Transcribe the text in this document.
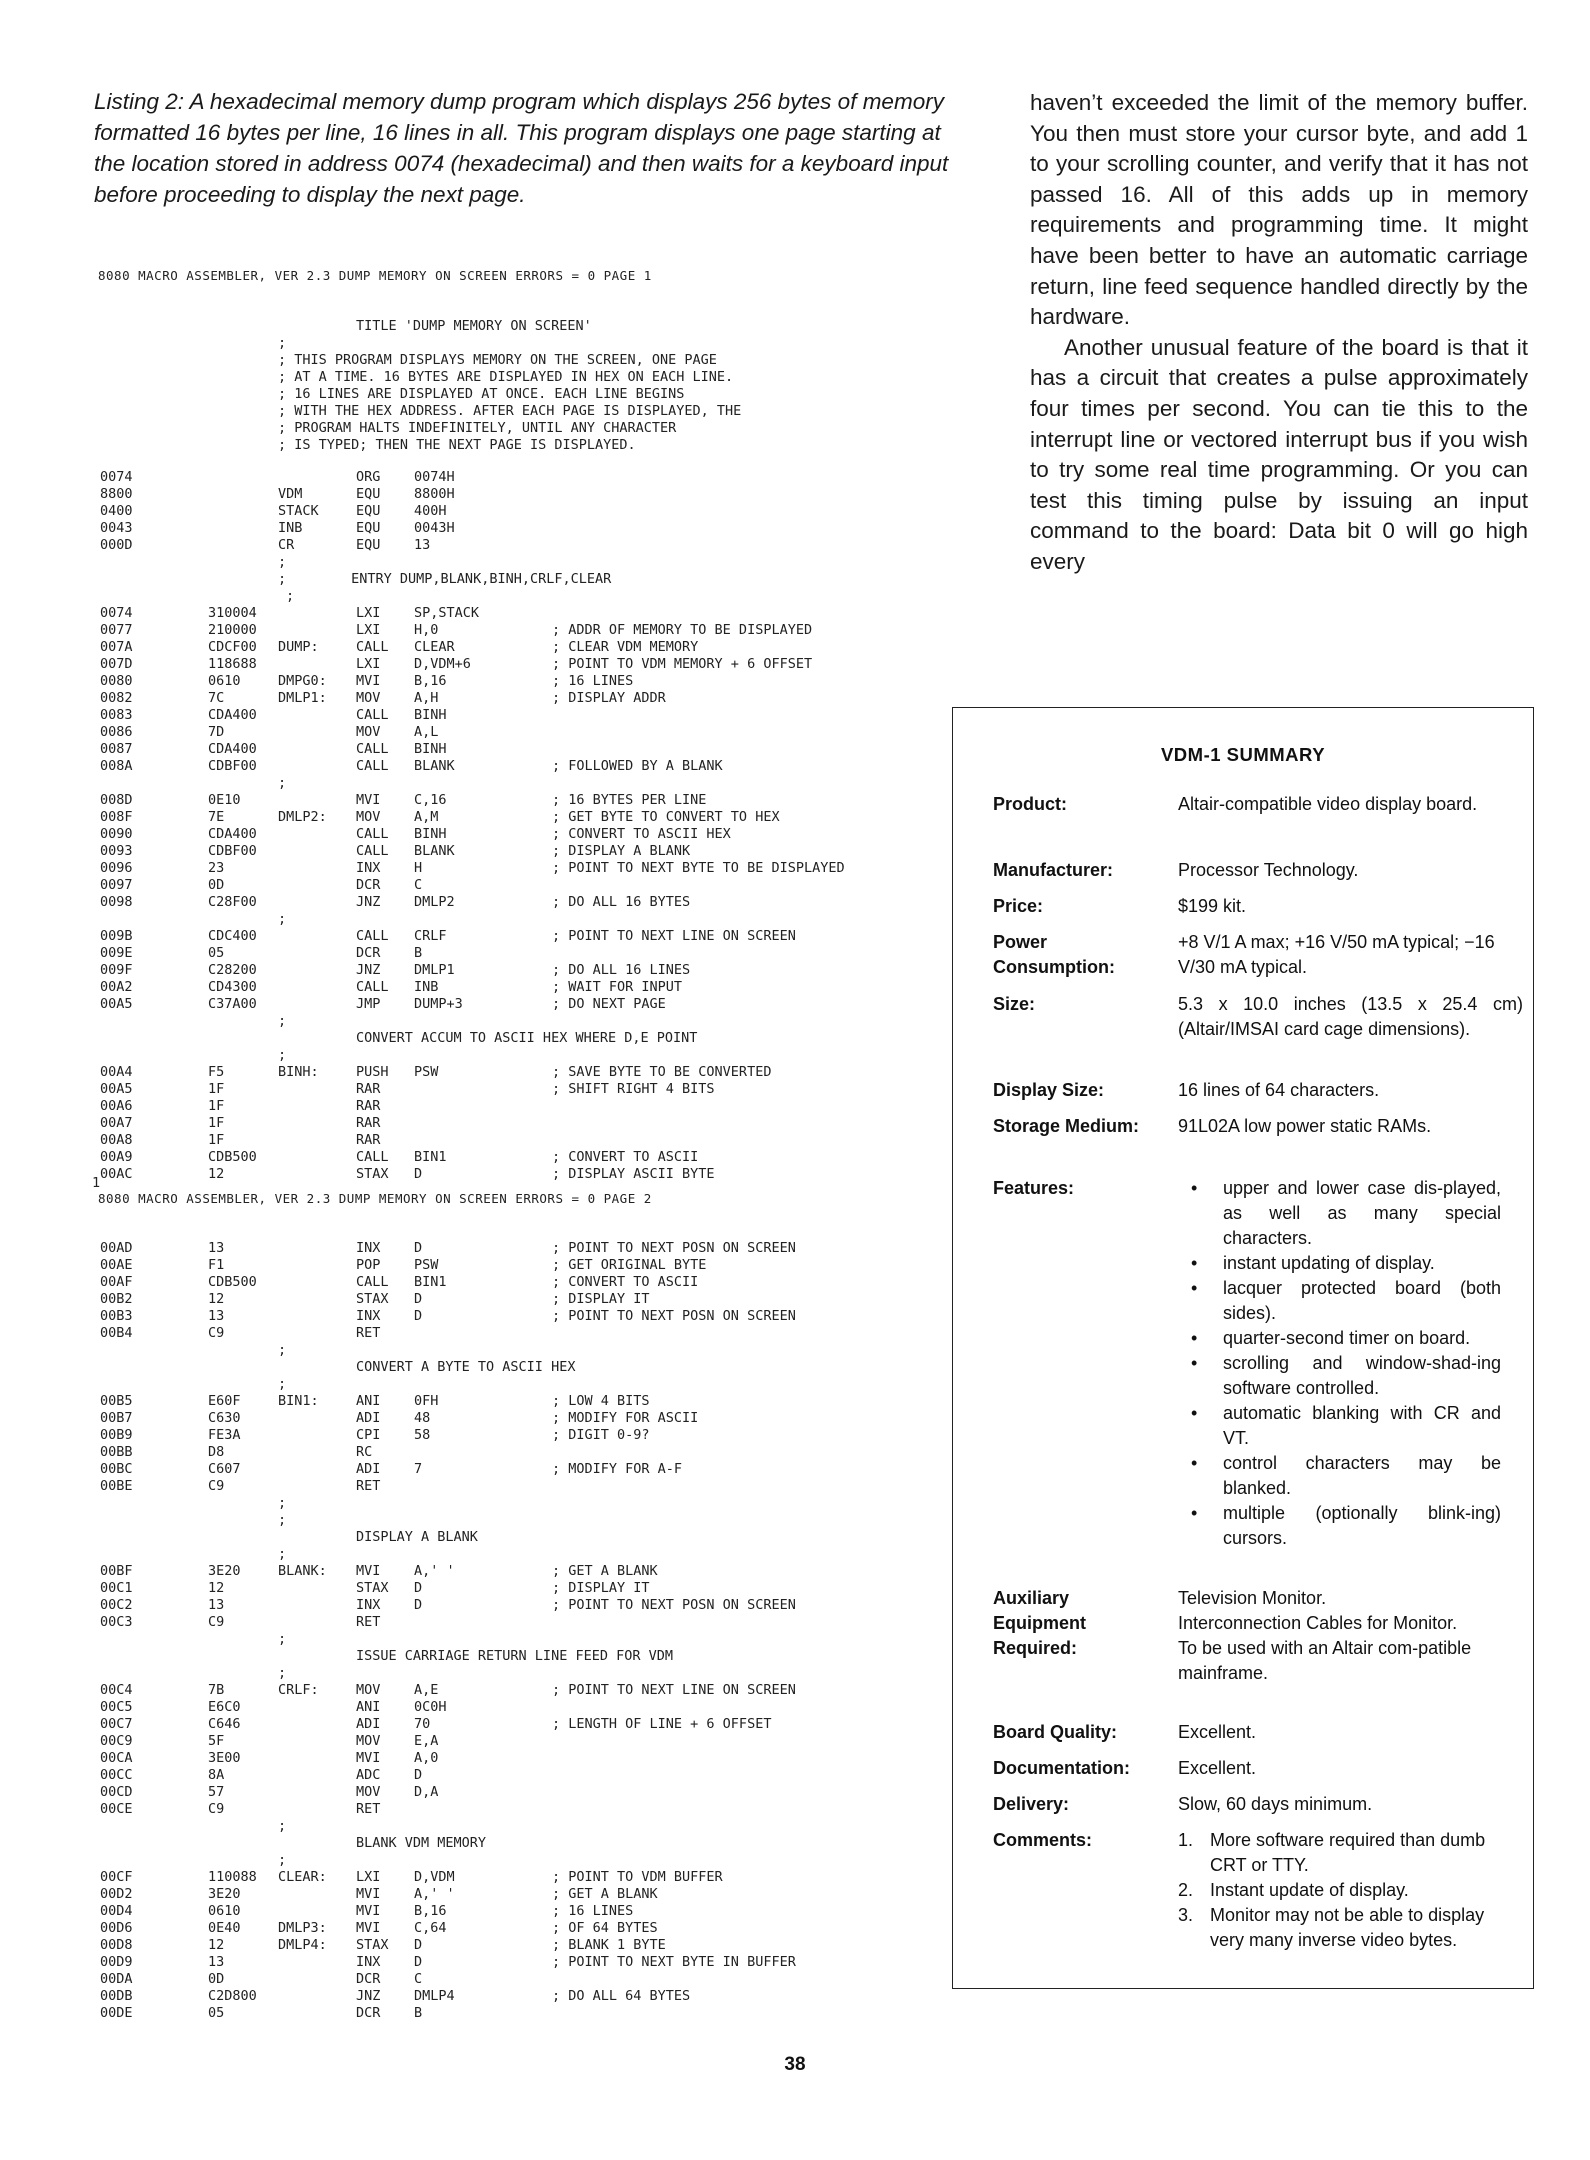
Listing 2: A hexadecimal memory dump program which displays 256 bytes of memory formatted 16 bytes per line, 16 lines in all. This program displays one page starting at the location stored in address 0074 (hexadecimal) and then waits for a keyboard input before proceeding to display the next page.

8080 MACRO ASSEMBLER, VER 2.3 DUMP MEMORY ON SCREEN ERRORS = 0 PAGE 1
TITLE 'DUMP MEMORY ON SCREEN'
;
; THIS PROGRAM DISPLAYS MEMORY ON THE SCREEN, ONE PAGE
; AT A TIME. 16 BYTES ARE DISPLAYED IN HEX ON EACH LINE.
; 16 LINES ARE DISPLAYED AT ONCE. EACH LINE BEGINS
; WITH THE HEX ADDRESS. AFTER EACH PAGE IS DISPLAYED, THE
; PROGRAM HALTS INDEFINITELY, UNTIL ANY CHARACTER
; IS TYPED; THEN THE NEXT PAGE IS DISPLAYED.
0074	ORG 0074H
8800	VDM	EQU 8800H
0400	STACK	EQU 400H
0043	INB	EQU 0043H
000D	CR	EQU 13
;
;        ENTRY DUMP,BLANK,BINH,CRLF,CLEAR
;
0074	310004	LXI SP,STACK
0077	210000	LXI H,0	; ADDR OF MEMORY TO BE DISPLAYED
007A	CDCF00 DUMP:	CALL CLEAR	; CLEAR VDM MEMORY
007D	118688	LXI D,VDM+6	; POINT TO VDM MEMORY + 6 OFFSET
0080	0610	DMPG0: MVI B,16	; 16 LINES
0082	7C	DMLP1: MOV A,H	; DISPLAY ADDR
0083	CDA400	CALL BINH
0086	7D	MOV A,L
0087	CDA400	CALL BINH
008A	CDBF00	CALL BLANK	; FOLLOWED BY A BLANK
;
008D	0E10	MVI C,16	; 16 BYTES PER LINE
008F	7E	DMLP2: MOV A,M	; GET BYTE TO CONVERT TO HEX
0090	CDA400	CALL BINH	; CONVERT TO ASCII HEX
0093	CDBF00	CALL BLANK	; DISPLAY A BLANK
0096	23	INX H	; POINT TO NEXT BYTE TO BE DISPLAYED
0097	0D	DCR C
0098	C28F00	JNZ DMLP2	; DO ALL 16 BYTES
;
009B	CDC400	CALL CRLF	; POINT TO NEXT LINE ON SCREEN
009E	05	DCR B
009F	C28200	JNZ DMLP1	; DO ALL 16 LINES
00A2	CD4300	CALL INB	; WAIT FOR INPUT
00A5	C37A00	JMP DUMP+3	; DO NEXT PAGE
;
CONVERT ACCUM TO ASCII HEX WHERE D,E POINT
;
00A4	F5	BINH:	PUSH PSW	; SAVE BYTE TO BE CONVERTED
00A5	1F	RAR	; SHIFT RIGHT 4 BITS
00A6	1F	RAR
00A7	1F	RAR
00A8	1F	RAR
00A9	CDB500	CALL BIN1	; CONVERT TO ASCII
00AC	12	STAX D	; DISPLAY ASCII BYTE
1
8080 MACRO ASSEMBLER, VER 2.3 DUMP MEMORY ON SCREEN ERRORS = 0 PAGE 2
00AD	13	INX D	; POINT TO NEXT POSN ON SCREEN
00AE	F1	POP PSW	; GET ORIGINAL BYTE
00AF	CDB500	CALL BIN1	; CONVERT TO ASCII
00B2	12	STAX D	; DISPLAY IT
00B3	13	INX D	; POINT TO NEXT POSN ON SCREEN
00B4	C9	RET
;
CONVERT A BYTE TO ASCII HEX
;
00B5	E60F	BIN1:	ANI 0FH	; LOW 4 BITS
00B7	C630	ADI 48	; MODIFY FOR ASCII
00B9	FE3A	CPI 58	; DIGIT 0-9?
00BB	D8	RC
00BC	C607	ADI 7	; MODIFY FOR A-F
00BE	C9	RET
;
;
DISPLAY A BLANK
;
00BF	3E20	BLANK: MVI A,' '	; GET A BLANK
00C1	12	STAX D	; DISPLAY IT
00C2	13	INX D	; POINT TO NEXT POSN ON SCREEN
00C3	C9	RET
;
ISSUE CARRIAGE RETURN LINE FEED FOR VDM
;
00C4	7B	CRLF:	MOV A,E	; POINT TO NEXT LINE ON SCREEN
00C5	E6C0	ANI 0C0H
00C7	C646	ADI 70	; LENGTH OF LINE + 6 OFFSET
00C9	5F	MOV E,A
00CA	3E00	MVI A,0
00CC	8A	ADC D
00CD	57	MOV D,A
00CE	C9	RET
;
BLANK VDM MEMORY
;
00CF	110088 CLEAR: LXI D,VDM	; POINT TO VDM BUFFER
00D2	3E20	MVI A,' '	; GET A BLANK
00D4	0610	MVI B,16	; 16 LINES
00D6	0E40	DMLP3: MVI C,64	; OF 64 BYTES
00D8	12	DMLP4: STAX D	; BLANK 1 BYTE
00D9	13	INX D	; POINT TO NEXT BYTE IN BUFFER
00DA	0D	DCR C
00DB	C2D800	JNZ DMLP4	; DO ALL 64 BYTES
00DE	05	DCR B

haven’t exceeded the limit of the memory buffer. You then must store your cursor byte, and add 1 to your scrolling counter, and verify that it has not passed 16. All of this adds up in memory requirements and programming time. It might have been better to have an automatic carriage return, line feed sequence handled directly by the hardware.

Another unusual feature of the board is that it has a circuit that creates a pulse approximately four times per second. You can tie this to the interrupt line or vectored interrupt bus if you wish to try some real time programming. Or you can test this timing pulse by issuing an input command to the board: Data bit 0 will go high every

VDM-1 SUMMARY
Product:	Altair-compatible video display board.
Manufacturer:	Processor Technology.
Price:	$199 kit.
Power
Consumption:
+8 V/1 A max; +16 V/50 mA typical; −16 V/30 mA typical.
Size:	5.3 x 10.0 inches (13.5 x 25.4 cm) (Altair/IMSAI card cage dimensions).
Display Size:	16 lines of 64 characters.
Storage Medium:	91L02A low power static RAMs.
Features:
•	upper and lower case dis-played, as well as many special characters.
• instant updating of display.
• lacquer protected board (both sides).
• quarter-second timer on board.
• scrolling and window-shad-ing software controlled.
• automatic blanking with CR and VT.
• control characters may be blanked.
• multiple (optionally blink-ing) cursors.
Auxiliary
Equipment
Required:
Television Monitor.
Interconnection Cables for Monitor.
To be used with an Altair com-patible mainframe.
Board Quality:	Excellent.
Documentation:	Excellent.
Delivery:	Slow, 60 days minimum.
Comments:	1. More software required than dumb CRT or TTY.
2. Instant update of display.
3. Monitor may not be able to display very many inverse video bytes.
38
